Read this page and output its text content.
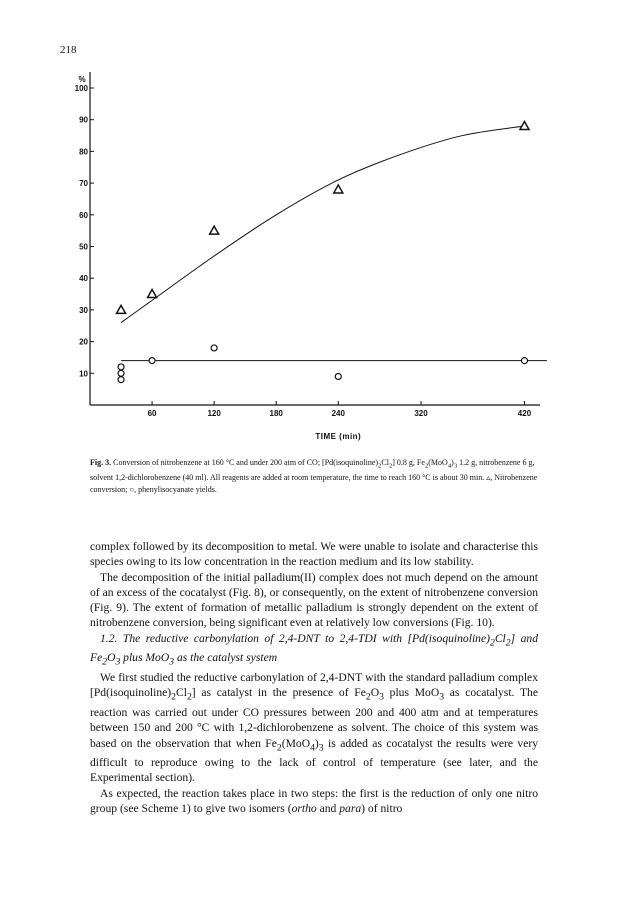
218
10
20
30
40
50
60
70
80
90
100
60	120	180	240	320	420
TIME (min)
%
Fig. 3. Conversion of nitrobenzene at 160 °C and under 200 atm of CO; $[Pd(isoquinoline)_2Cl_2]$ 0.8 g, $Fe_2(MoO_4)_3$ 1.2 g, nitrobenzene 6 g, solvent 1,2-dichlorobenzene (40 ml). All reagents are added at room temperature, the time to reach 160 °C is about 30 min. ▵, Nitrobenzene conversion; ○, phenylisocyanate yields.

complex followed by its decomposition to metal. We were unable to isolate and characterise this species owing to its low concentration in the reaction medium and its low stability.

The decomposition of the initial palladium(II) complex does not much depend on the amount of an excess of the cocatalyst (Fig. 8), or consequently, on the extent of nitrobenzene conversion (Fig. 9). The extent of formation of metallic palladium is strongly dependent on the extent of nitrobenzene conversion, being significant even at relatively low conversions (Fig. 10).

1.2. The reductive carbonylation of 2,4-DNT to 2,4-TDI with $[Pd(isoquinoline)_2Cl_2]$ and $Fe_2O_3$ plus MoO$_3$ as the catalyst system

We first studied the reductive carbonylation of 2,4-DNT with the standard palladium complex $[Pd(isoquinoline)_2Cl_2]$ as catalyst in the presence of $Fe_2O_3$ plus MoO$_3$ as cocatalyst. The reaction was carried out under CO pressures between 200 and 400 atm and at temperatures between 150 and 200 °C with 1,2-dichlorobenzene as solvent. The choice of this system was based on the observation that when $Fe_2(MoO_4)_3$ is added as cocatalyst the results were very difficult to reproduce owing to the lack of control of temperature (see later, and the Experimental section).

As expected, the reaction takes place in two steps: the first is the reduction of only one nitro group (see Scheme 1) to give two isomers (ortho and para) of nitro
